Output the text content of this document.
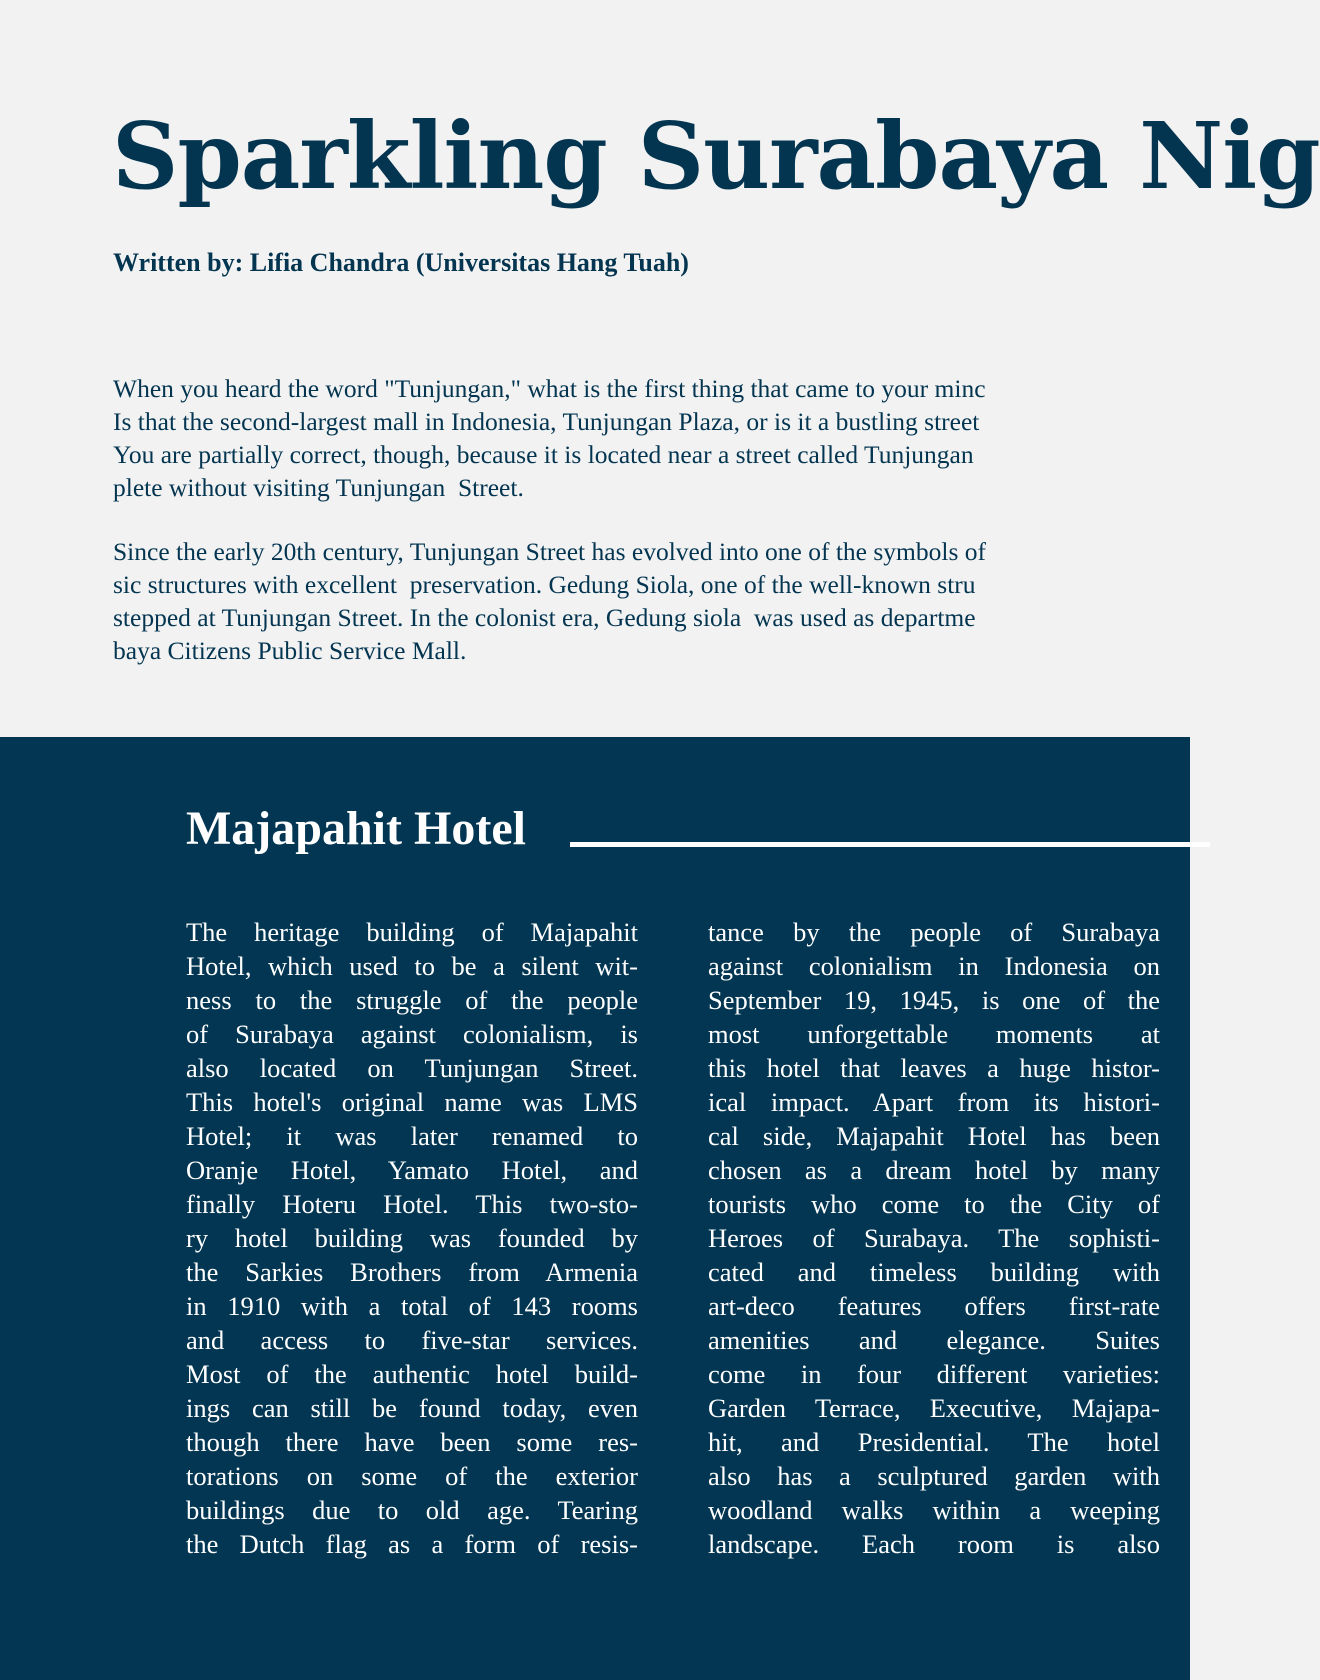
Sparkling Surabaya Nig
Written by: Lifia Chandra (Universitas Hang Tuah)

When you heard the word "Tunjungan," what is the first thing that came to your minc
Is that the second-largest mall in Indonesia, Tunjungan Plaza, or is it a bustling street
You are partially correct, though, because it is located near a street called Tunjungan
plete without visiting Tunjungan  Street.

Since the early 20th century, Tunjungan Street has evolved into one of the symbols of
sic structures with excellent  preservation. Gedung Siola, one of the well-known stru
stepped at Tunjungan Street. In the colonist era, Gedung siola  was used as departme
baya Citizens Public Service Mall.

Majapahit Hotel
The heritage building of Majapahit
Hotel, which used to be a silent wit-
ness to the struggle of the people
of Surabaya against colonialism, is
also located on Tunjungan Street.
This hotel's original name was LMS
Hotel; it was later renamed to
Oranje Hotel, Yamato Hotel, and
finally Hoteru Hotel. This two-sto-
ry hotel building was founded by
the Sarkies Brothers from Armenia
in 1910 with a total of 143 rooms
and access to five-star services.
Most of the authentic hotel build-
ings can still be found today, even
though there have been some res-
torations on some of the exterior
buildings due to old age. Tearing
the Dutch flag as a form of resis-
tance by the people of Surabaya
against colonialism in Indonesia on
September 19, 1945, is one of the
most unforgettable moments at
this hotel that leaves a huge histor-
ical impact. Apart from its histori-
cal side, Majapahit Hotel has been
chosen as a dream hotel by many
tourists who come to the City of
Heroes of Surabaya. The sophisti-
cated and timeless building with
art-deco features offers first-rate
amenities and elegance. Suites
come in four different varieties:
Garden Terrace, Executive, Majapa-
hit, and Presidential. The hotel
also has a sculptured garden with
woodland walks within a weeping
landscape. Each room is also
